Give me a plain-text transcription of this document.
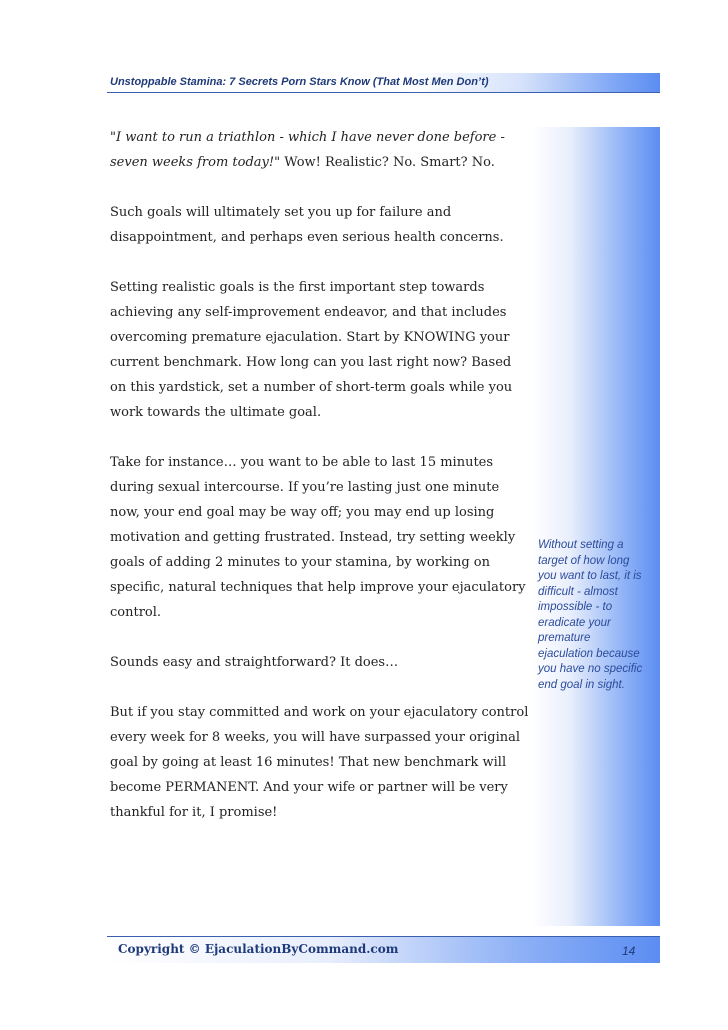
Unstoppable Stamina: 7 Secrets Porn Stars Know (That Most Men Don’t)

"I want to run a triathlon - which I have never done before - seven weeks from today!" Wow! Realistic? No. Smart? No.

Such goals will ultimately set you up for failure and disappointment, and perhaps even serious health concerns.

Setting realistic goals is the first important step towards achieving any self-improvement endeavor, and that includes overcoming premature ejaculation. Start by KNOWING your current benchmark. How long can you last right now? Based on this yardstick, set a number of short-term goals while you work towards the ultimate goal.

Take for instance… you want to be able to last 15 minutes during sexual intercourse. If you’re lasting just one minute now, your end goal may be way off; you may end up losing motivation and getting frustrated. Instead, try setting weekly goals of adding 2 minutes to your stamina, by working on specific, natural techniques that help improve your ejaculatory control.

Sounds easy and straightforward? It does…

But if you stay committed and work on your ejaculatory control every week for 8 weeks, you will have surpassed your original goal by going at least 16 minutes! That new benchmark will become PERMANENT. And your wife or partner will be very thankful for it, I promise!

Without setting a target of how long you want to last, it is difficult - almost impossible - to eradicate your premature ejaculation because you have no specific end goal in sight.
Copyright © EjaculationByCommand.com	14
